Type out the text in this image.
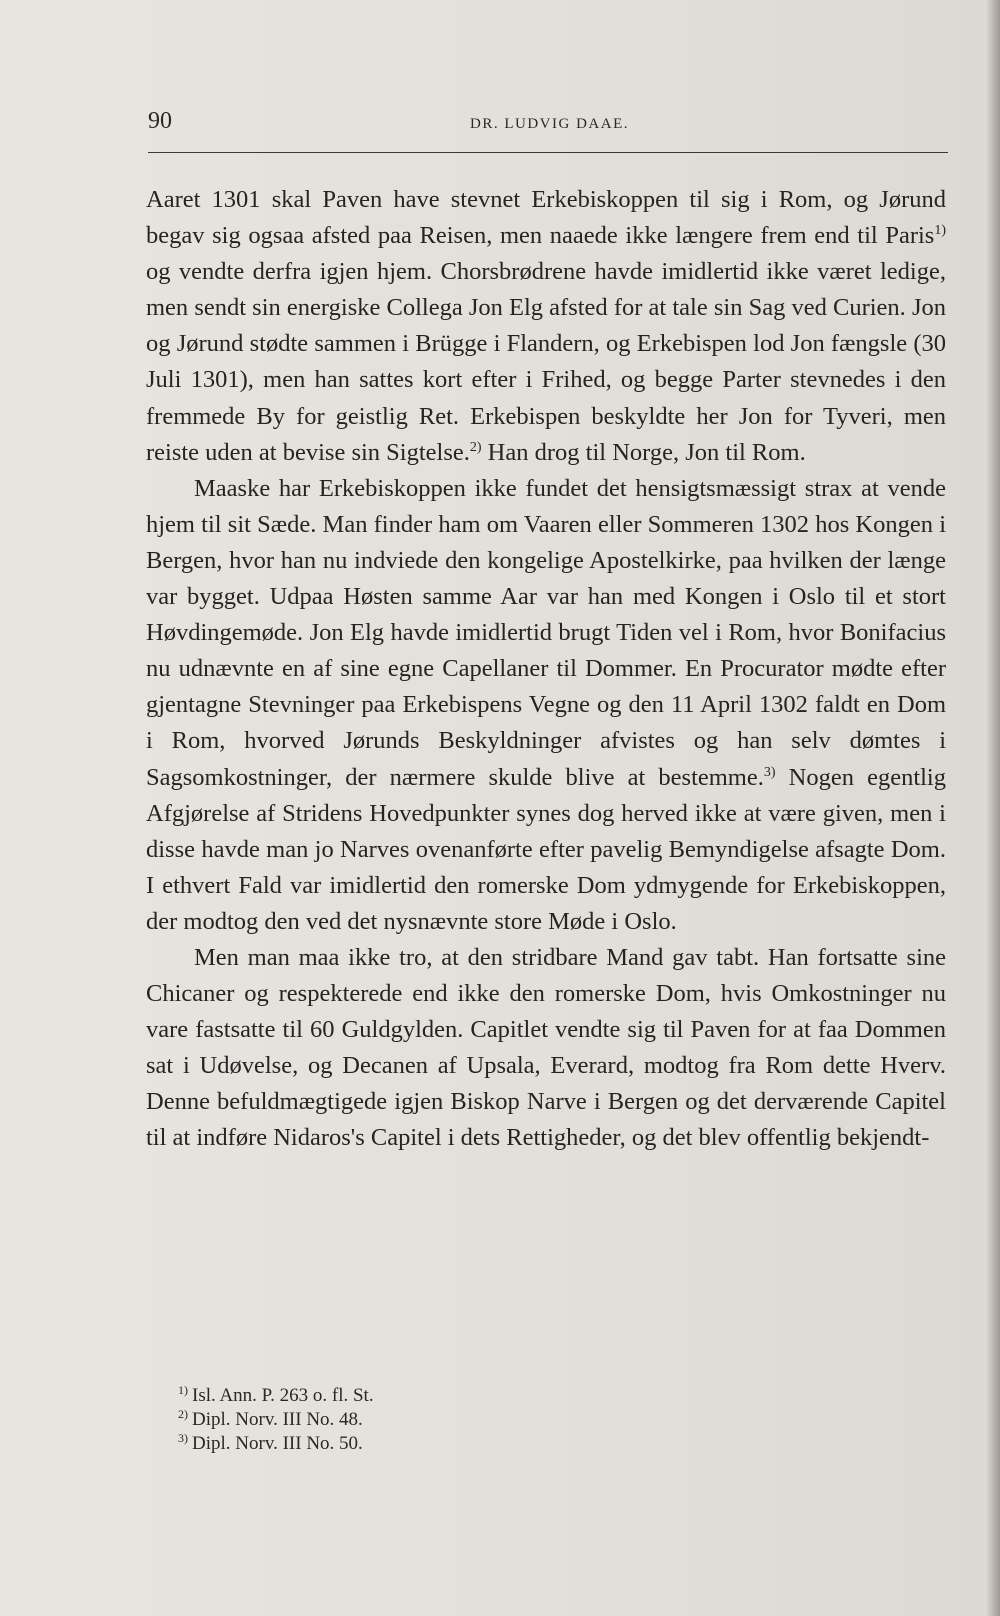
90	DR. LUDVIG DAAE.

Aaret 1301 skal Paven have stevnet Erkebiskoppen til sig i Rom, og Jørund begav sig ogsaa afsted paa Reisen, men naaede ikke længere frem end til Paris$^{1)}$ og vendte derfra igjen hjem. Chorsbrødrene havde imidlertid ikke været ledige, men sendt sin energiske Collega Jon Elg afsted for at tale sin Sag ved Curien. Jon og Jørund stødte sammen i Brügge i Flandern, og Erkebispen lod Jon fængsle (30 Juli 1301), men han sattes kort efter i Frihed, og begge Parter stevnedes i den fremmede By for geistlig Ret. Erkebispen beskyldte her Jon for Tyveri, men reiste uden at bevise sin Sigtelse.$^{2)}$ Han drog til Norge, Jon til Rom.

Maaske har Erkebiskoppen ikke fundet det hensigtsmæssigt strax at vende hjem til sit Sæde. Man finder ham om Vaaren eller Sommeren 1302 hos Kongen i Bergen, hvor han nu indviede den kongelige Apostelkirke, paa hvilken der længe var bygget. Udpaa Høsten samme Aar var han med Kongen i Oslo til et stort Høvdingemøde. Jon Elg havde imidlertid brugt Tiden vel i Rom, hvor Bonifacius nu udnævnte en af sine egne Capellaner til Dommer. En Procurator mødte efter gjentagne Stevninger paa Erkebispens Vegne og den 11 April 1302 faldt en Dom i Rom, hvorved Jørunds Beskyldninger afvistes og han selv dømtes i Sagsomkostninger, der nærmere skulde blive at bestemme.$^{3)}$ Nogen egentlig Afgjørelse af Stridens Hovedpunkter synes dog herved ikke at være given, men i disse havde man jo Narves ovenanførte efter pavelig Bemyndigelse afsagte Dom. I ethvert Fald var imidlertid den romerske Dom ydmygende for Erkebiskoppen, der modtog den ved det nysnævnte store Møde i Oslo.

Men man maa ikke tro, at den stridbare Mand gav tabt. Han fortsatte sine Chicaner og respekterede end ikke den romerske Dom, hvis Omkostninger nu vare fastsatte til 60 Guldgylden. Capitlet vendte sig til Paven for at faa Dommen sat i Udøvelse, og Decanen af Upsala, Everard, modtog fra Rom dette Hverv. Denne befuldmægtigede igjen Biskop Narve i Bergen og det derværende Capitel til at indføre Nidaros's Capitel i dets Rettigheder, og det blev offentlig bekjendt-

$^{1)}$ Isl. Ann. P. 263 o. fl. St.
$^{2)}$ Dipl. Norv. III No. 48.
$^{3)}$ Dipl. Norv. III No. 50.
